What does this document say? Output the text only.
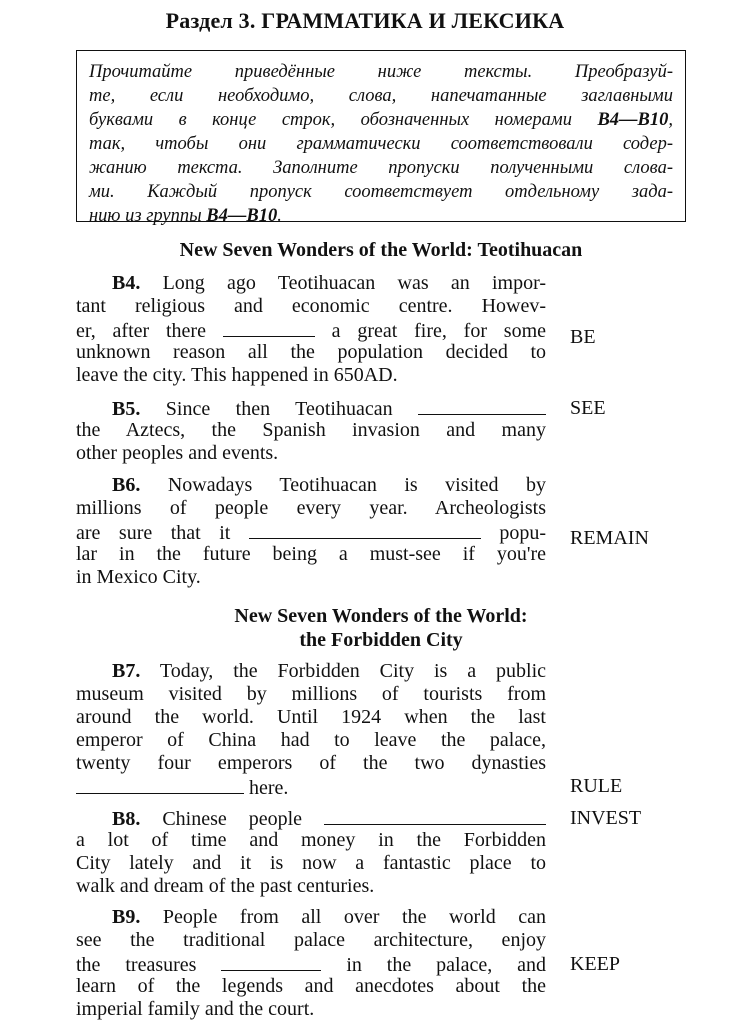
Раздел 3. ГРАММАТИКА И ЛЕКСИКА
Прочитайте приведённые ниже тексты. Преобразуй-
те, если необходимо, слова, напечатанные заглавными
буквами в конце строк, обозначенных номерами B4—B10,
так, чтобы они грамматически соответствовали содер-
жанию текста. Заполните пропуски полученными слова-
ми. Каждый пропуск соответствует отдельному зада-
нию из группы B4—B10.
New Seven Wonders of the World: Teotihuacan
B4. Long ago Teotihuacan was an impor-
tant religious and economic centre. Howev-
er, after there	a great fire, for some
unknown reason all the population decided to
leave the city. This happened in 650AD.
BE
B5. Since then Teotihuacan
the Aztecs, the Spanish invasion and many
other peoples and events.
SEE
B6. Nowadays Teotihuacan is visited by
millions of people every year. Archeologists
are sure that it	popu-
lar in the future being a must-see if you're
in Mexico City.
REMAIN
New Seven Wonders of the World:
the Forbidden City
B7. Today, the Forbidden City is a public
museum visited by millions of tourists from
around the world. Until 1924 when the last
emperor of China had to leave the palace,
twenty four emperors of the two dynasties
here.	RULE
B8. Chinese people
a lot of time and money in the Forbidden
City lately and it is now a fantastic place to
walk and dream of the past centuries.
INVEST
B9. People from all over the world can
see the traditional palace architecture, enjoy
the treasures	in the palace, and
learn of the legends and anecdotes about the
imperial family and the court.
KEEP
